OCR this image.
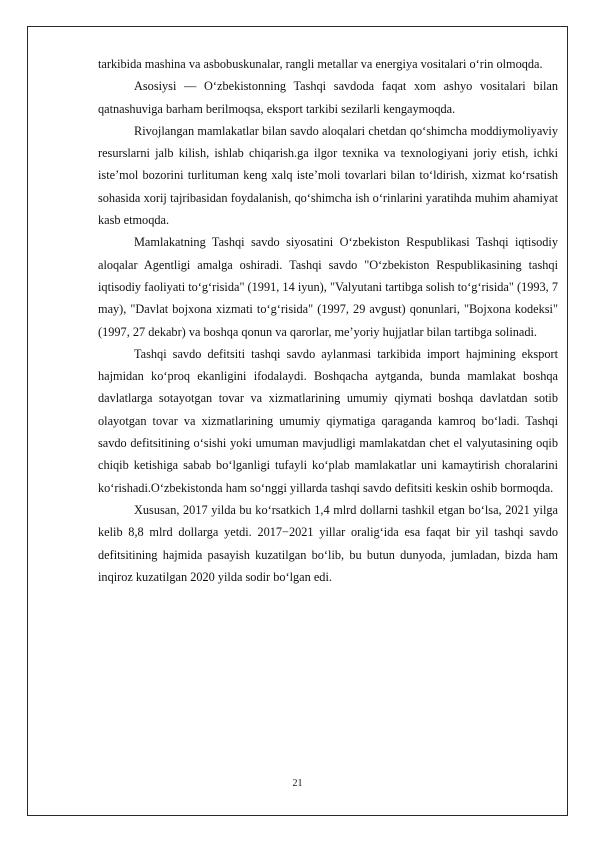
tarkibida mashina va asbobuskunalar, rangli metallar va energiya vositalari o‘rin olmoqda.

Asosiysi — O‘zbekistonning Tashqi savdoda faqat xom ashyo vositalari bilan qatnashuviga barham berilmoqsa, eksport tarkibi sezilarli kengaymoqda.

Rivojlangan mamlakatlar bilan savdo aloqalari chetdan qo‘shimcha moddiymoliyaviy resurslarni jalb kilish, ishlab chiqarish.ga ilgor texnika va texnologiyani joriy etish, ichki iste’mol bozorini turlituman keng xalq iste’moli tovarlari bilan to‘ldirish, xizmat ko‘rsatish sohasida xorij tajribasidan foydalanish, qo‘shimcha ish o‘rinlarini yaratihda muhim ahamiyat kasb etmoqda.

Mamlakatning Tashqi savdo siyosatini O‘zbekiston Respublikasi Tashqi iqtisodiy aloqalar Agentligi amalga oshiradi. Tashqi savdo "O‘zbekiston Respublikasining tashqi iqtisodiy faoliyati to‘g‘risida" (1991, 14 iyun), "Valyutani tartibga solish to‘g‘risida" (1993, 7 may), "Davlat bojxona xizmati to‘g‘risida" (1997, 29 avgust) qonunlari, "Bojxona kodeksi" (1997, 27 dekabr) va boshqa qonun va qarorlar, me’yoriy hujjatlar bilan tartibga solinadi.

Tashqi savdo defitsiti tashqi savdo aylanmasi tarkibida import hajmining eksport hajmidan ko‘proq ekanligini ifodalaydi. Boshqacha aytganda, bunda mamlakat boshqa davlatlarga sotayotgan tovar va xizmatlarining umumiy qiymati boshqa davlatdan sotib olayotgan tovar va xizmatlarining umumiy qiymatiga qaraganda kamroq bo‘ladi. Tashqi savdo defitsitining o‘sishi yoki umuman mavjudligi mamlakatdan chet el valyutasining oqib chiqib ketishiga sabab bo‘lganligi tufayli ko‘plab mamlakatlar uni kamaytirish choralarini ko‘rishadi.O‘zbekistonda ham so‘nggi yillarda tashqi savdo defitsiti keskin oshib bormoqda.

Xususan, 2017 yilda bu ko‘rsatkich 1,4 mlrd dollarni tashkil etgan bo‘lsa, 2021 yilga kelib 8,8 mlrd dollarga yetdi. 2017−2021 yillar oralig‘ida esa faqat bir yil tashqi savdo defitsitining hajmida pasayish kuzatilgan bo‘lib, bu butun dunyoda, jumladan, bizda ham inqiroz kuzatilgan 2020 yilda sodir bo‘lgan edi.

21
